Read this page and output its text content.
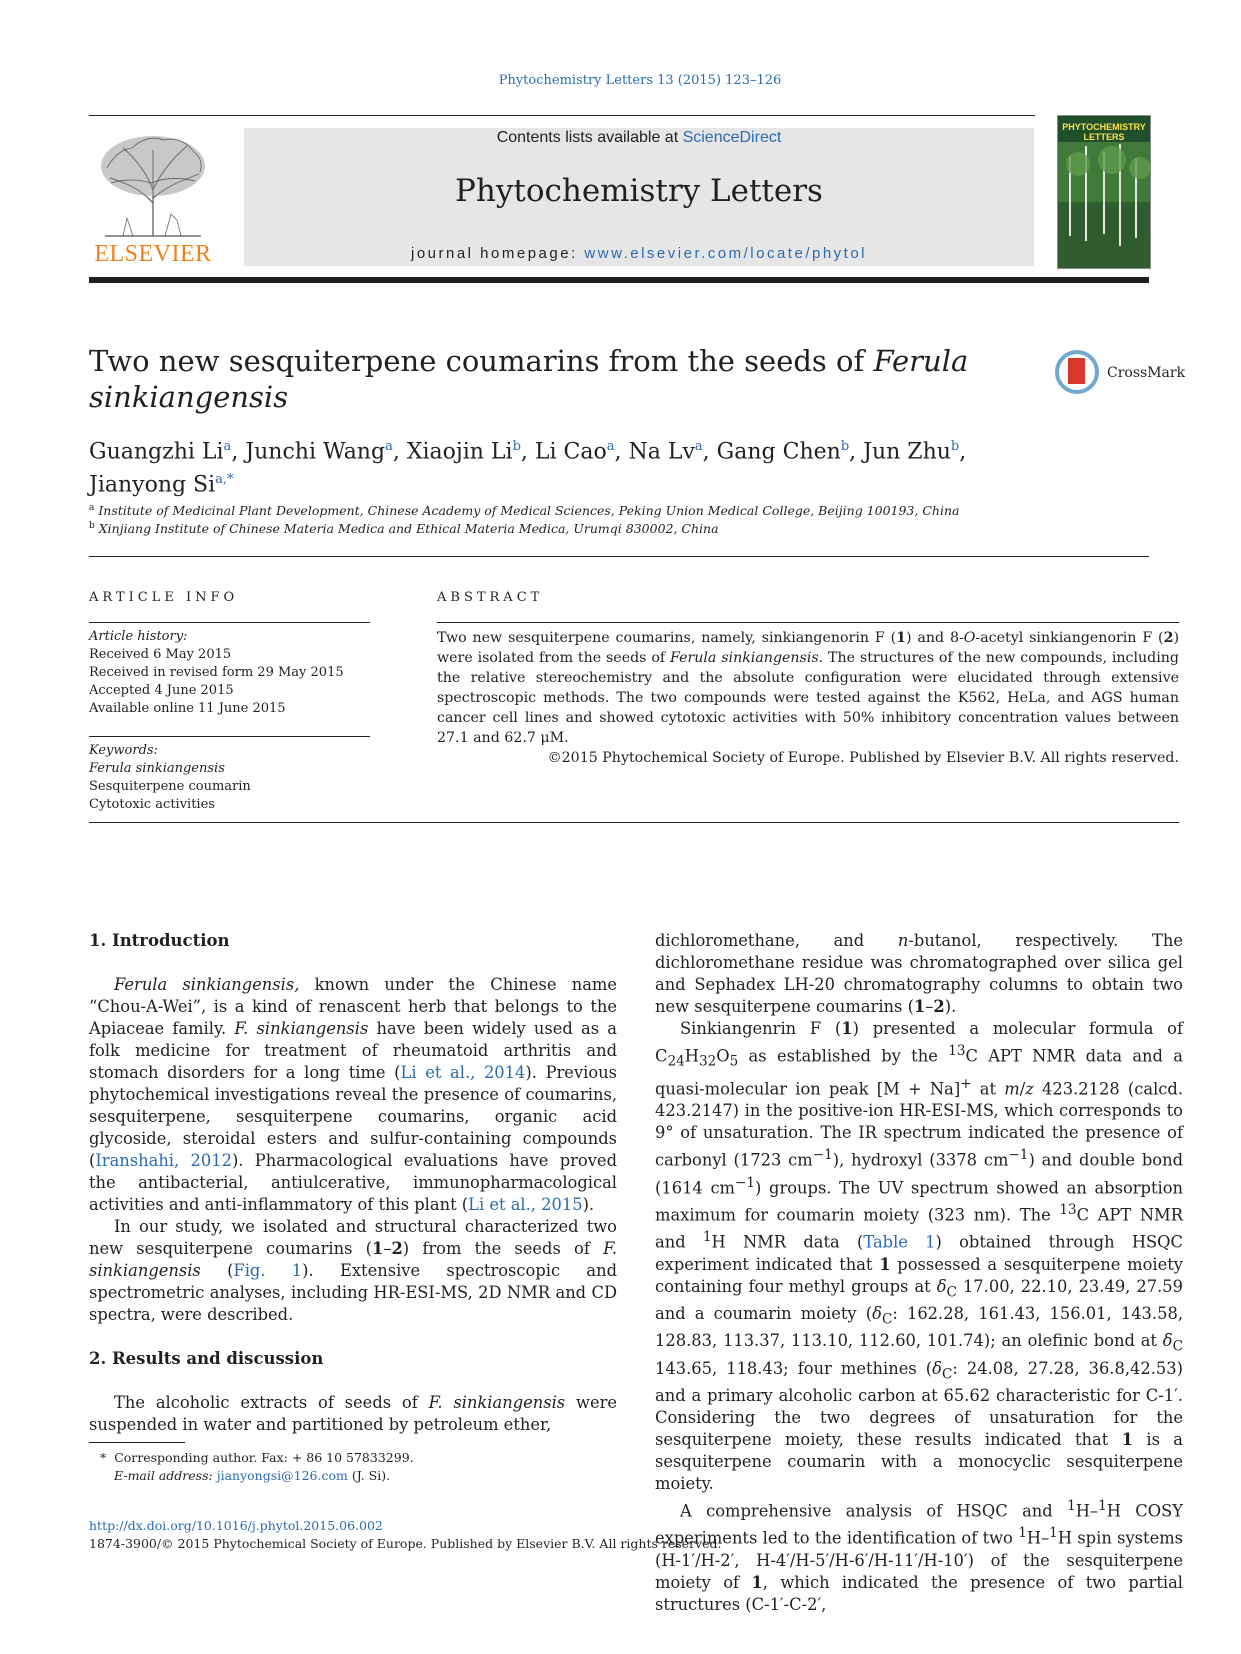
Phytochemistry Letters 13 (2015) 123–126
ELSEVIER
Contents lists available at ScienceDirect
Phytochemistry Letters
journal homepage: www.elsevier.com/locate/phytol
PHYTOCHEMISTRY LETTERS
Two new sesquiterpene coumarins from the seeds of Ferula sinkiangensis
CrossMark
Guangzhi Li$^a$, Junchi Wang$^a$, Xiaojin Li$^b$, Li Cao$^a$, Na Lv$^a$, Gang Chen$^b$, Jun Zhu$^b$,
Jianyong $Si^{a,*}$
$^a$ Institute of Medicinal Plant Development, Chinese Academy of Medical Sciences, Peking Union Medical College, Beijing 100193, China
$^b$ Xinjiang Institute of Chinese Materia Medica and Ethical Materia Medica, Urumqi 830002, China
ARTICLE INFO
Article history:
Received 6 May 2015
Received in revised form 29 May 2015
Accepted 4 June 2015
Available online 11 June 2015
Keywords:
Ferula sinkiangensis
Sesquiterpene coumarin
Cytotoxic activities
ABSTRACT
Two new sesquiterpene coumarins, namely, sinkiangenorin F (1) and 8-O-acetyl sinkiangenorin F (2) were isolated from the seeds of Ferula sinkiangensis. The structures of the new compounds, including the relative stereochemistry and the absolute configuration were elucidated through extensive spectroscopic methods. The two compounds were tested against the K562, HeLa, and AGS human cancer cell lines and showed cytotoxic activities with 50% inhibitory concentration values between 27.1 and 62.7 μM.
©2015 Phytochemical Society of Europe. Published by Elsevier B.V. All rights reserved.
1. Introduction

Ferula sinkiangensis, known under the Chinese name “Chou-A-Wei”, is a kind of renascent herb that belongs to the Apiaceae family. F. sinkiangensis have been widely used as a folk medicine for treatment of rheumatoid arthritis and stomach disorders for a long time (Li et al., 2014). Previous phytochemical investigations reveal the presence of coumarins, sesquiterpene, sesquiterpene coumarins, organic acid glycoside, steroidal esters and sulfur-containing compounds (Iranshahi, 2012). Pharmacological evaluations have proved the antibacterial, antiulcerative, immunopharmacological activities and anti-inflammatory of this plant (Li et al., 2015).

In our study, we isolated and structural characterized two new sesquiterpene coumarins (1–2) from the seeds of F. sinkiangensis (Fig. 1). Extensive spectroscopic and spectrometric analyses, including HR-ESI-MS, 2D NMR and CD spectra, were described.

2. Results and discussion

The alcoholic extracts of seeds of F. sinkiangensis were suspended in water and partitioned by petroleum ether,

* Corresponding author. Fax: + 86 10 57833299.
E-mail address: jianyongsi@126.com (J. Si).

dichloromethane, and n-butanol, respectively. The dichloromethane residue was chromatographed over silica gel and Sephadex LH-20 chromatography columns to obtain two new sesquiterpene coumarins (1–2).

Sinkiangenrin F (1) presented a molecular formula of $C_{24}H_{32}O_5$ as established by the $^{13}$C APT NMR data and a quasi-molecular ion peak [M + Na]+ at m/z 423.2128 (calcd. 423.2147) in the positive-ion HR-ESI-MS, which corresponds to 9° of unsaturation. The IR spectrum indicated the presence of carbonyl (1723 $cm^{-1}$), hydroxyl (3378 $cm^{-1}$) and double bond (1614 $cm^{-1}$) groups. The UV spectrum showed an absorption maximum for coumarin moiety (323 nm). The $^{13}$C APT NMR and $^1$H NMR data (Table 1) obtained through HSQC experiment indicated that 1 possessed a sesquiterpene moiety containing four methyl groups at $\delta_C$ 17.00, 22.10, 23.49, 27.59 and a coumarin moiety ($\delta_C$: 162.28, 161.43, 156.01, 143.58, 128.83, 113.37, 113.10, 112.60, 101.74); an olefinic bond at $\delta_C$ 143.65, 118.43; four methines ($\delta_C$: 24.08, 27.28, 36.8,42.53) and a primary alcoholic carbon at 65.62 characteristic for C-1′. Considering the two degrees of unsaturation for the sesquiterpene moiety, these results indicated that 1 is a sesquiterpene coumarin with a monocyclic sesquiterpene moiety.

A comprehensive analysis of HSQC and $^1$H–$^1$H COSY experiments led to the identification of two $^1$H–$^1$H spin systems (H-1′/H-2′, H-4′/H-5′/H-6′/H-11′/H-10′) of the sesquiterpene moiety of 1, which indicated the presence of two partial structures (C-1′-C-2′,

http://dx.doi.org/10.1016/j.phytol.2015.06.002
1874-3900/© 2015 Phytochemical Society of Europe. Published by Elsevier B.V. All rights reserved.
